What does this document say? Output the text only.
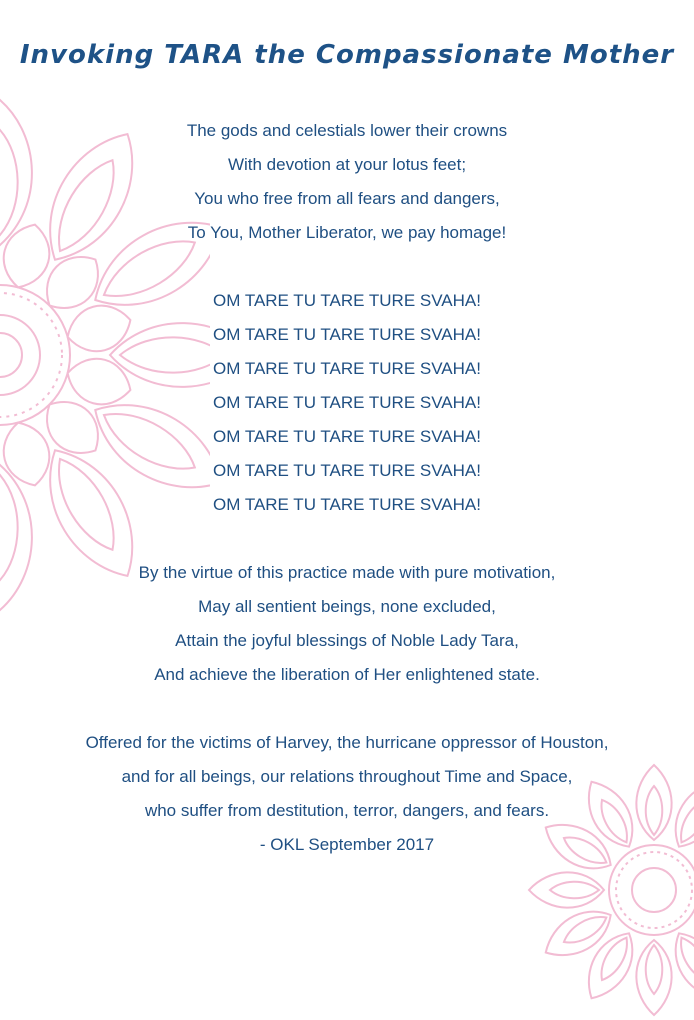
Invoking TARA the Compassionate Mother

The gods and celestials lower their crowns

With devotion at your lotus feet;

You who free from all fears and dangers,

To You, Mother Liberator, we pay homage!

OM TARE TU TARE TURE SVAHA!

OM TARE TU TARE TURE SVAHA!

OM TARE TU TARE TURE SVAHA!

OM TARE TU TARE TURE SVAHA!

OM TARE TU TARE TURE SVAHA!

OM TARE TU TARE TURE SVAHA!

OM TARE TU TARE TURE SVAHA!

By the virtue of this practice made with pure motivation,

May all sentient beings, none excluded,

Attain the joyful blessings of Noble Lady Tara,

And achieve the liberation of Her enlightened state.

Offered for the victims of Harvey, the hurricane oppressor of Houston,

and for all beings, our relations throughout Time and Space,

who suffer from destitution, terror, dangers, and fears.

- OKL September 2017
